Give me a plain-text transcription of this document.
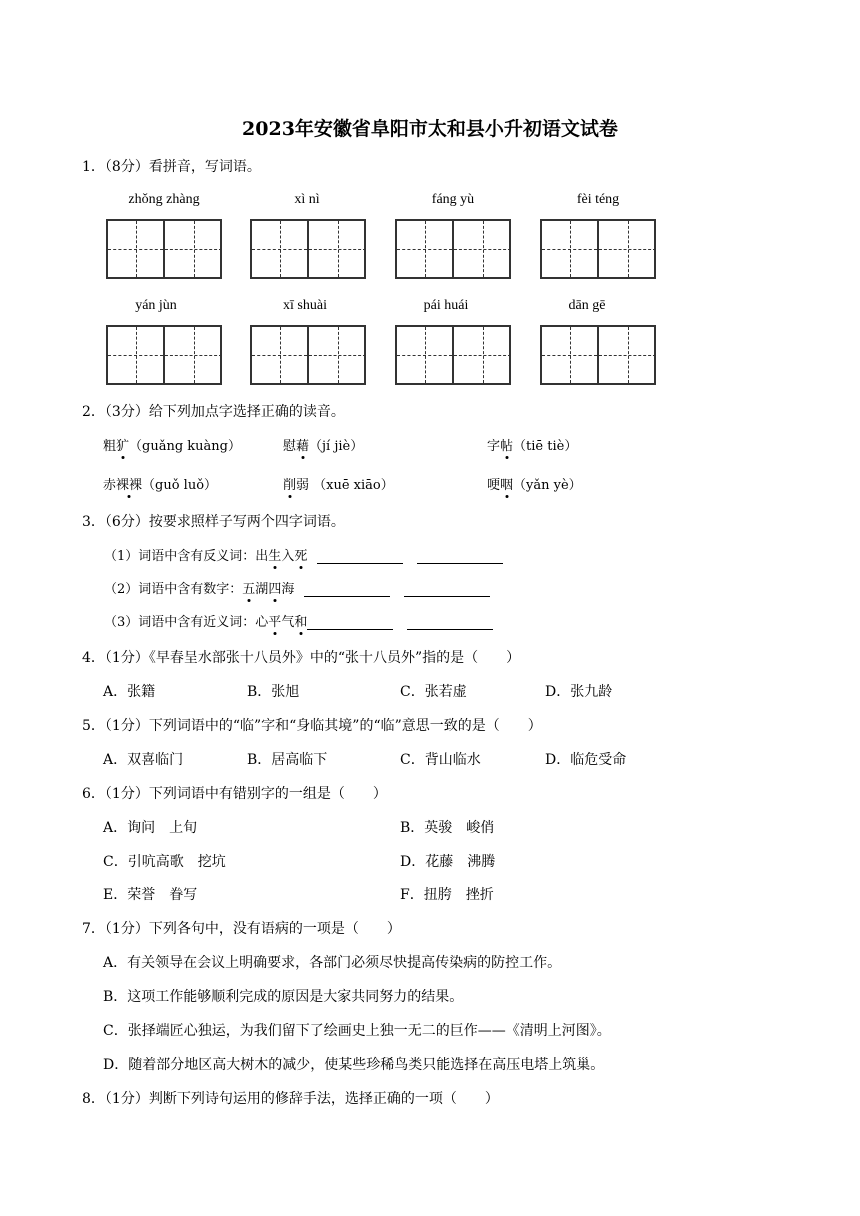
2023年安徽省阜阳市太和县小升初语文试卷
1．（8分）看拼音，写词语。
zhǒng zhàng	xì nì	fáng yù	fèi téng
yán jùn	xī shuài	pái huái	dān gē
2．（3分）给下列加点字选择正确的读音。
粗犷（guǎng kuàng）	慰藉（jí jiè）	字帖（tiē tiè）
赤裸裸（guǒ luǒ）	削弱 （xuē xiāo）	哽咽（yǎn yè）
3．（6分）按要求照样子写两个四字词语。
（1）词语中含有反义词：出生入死
（2）词语中含有数字：五湖四海
（3）词语中含有近义词：心平气和
4．（1分）《早春呈水部张十八员外》中的“张十八员外”指的是（　　）
A．张籍	B．张旭	C．张若虚	D．张九龄
5．（1分）下列词语中的“临”字和“身临其境”的“临”意思一致的是（　　）
A．双喜临门	B．居高临下	C．背山临水	D．临危受命
6．（1分）下列词语中有错别字的一组是（　　）
A．询问　上旬	B．英骏　峻俏
C．引吭高歌　挖坑	D．花藤　沸腾
E．荣誉　眷写	F．扭胯　挫折
7．（1分）下列各句中，没有语病的一项是（　　）
A．有关领导在会议上明确要求，各部门必须尽快提高传染病的防控工作。
B．这项工作能够顺利完成的原因是大家共同努力的结果。
C．张择端匠心独运，为我们留下了绘画史上独一无二的巨作——《清明上河图》。
D．随着部分地区高大树木的减少，使某些珍稀鸟类只能选择在高压电塔上筑巢。
8．（1分）判断下列诗句运用的修辞手法，选择正确的一项（　　）
